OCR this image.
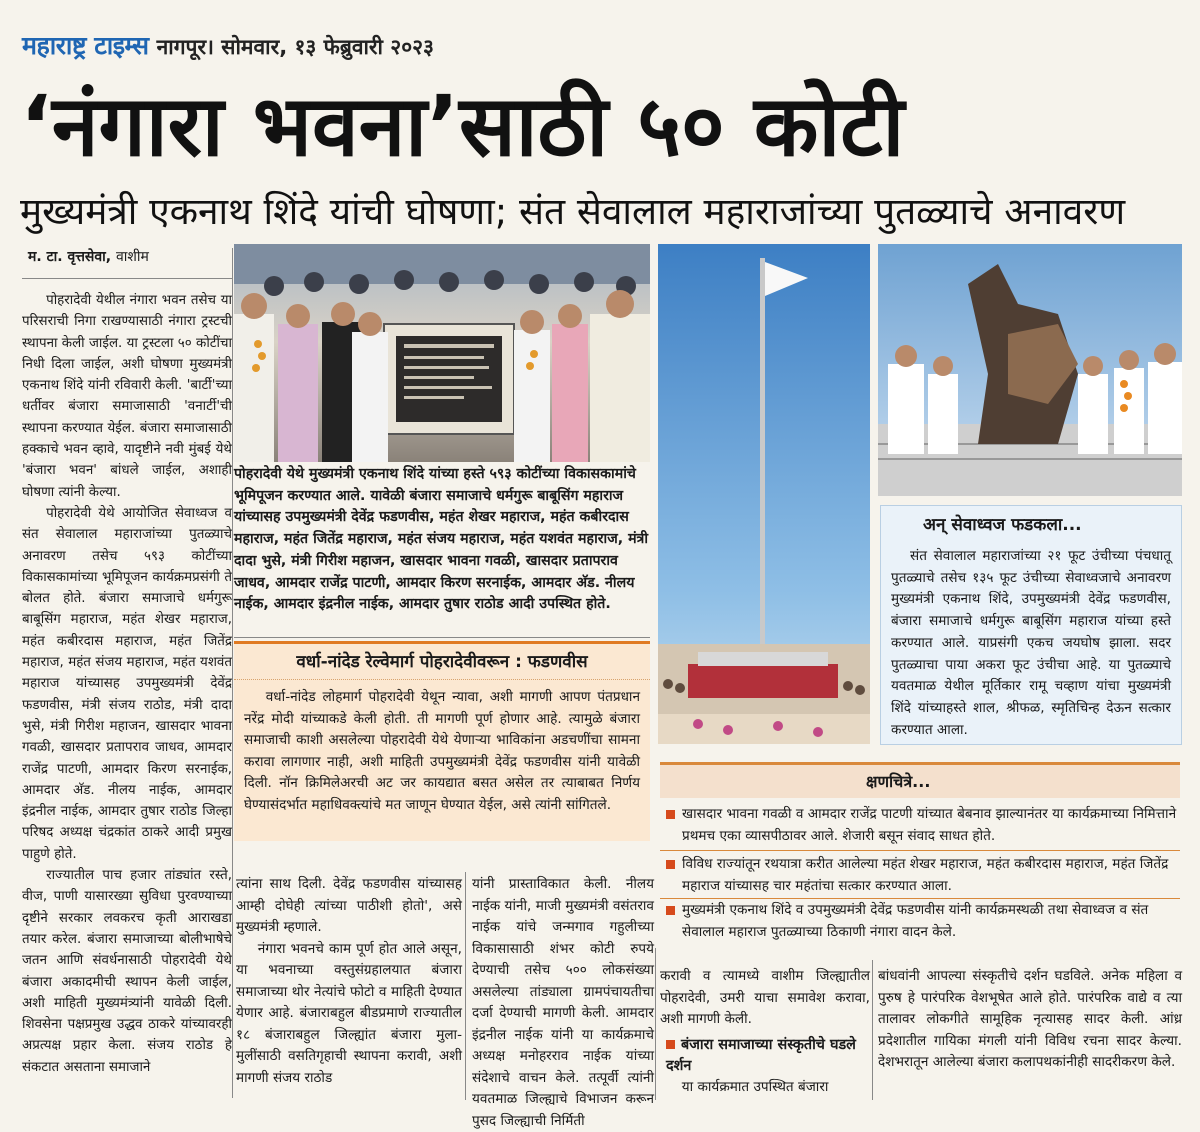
महाराष्ट्र टाइम्स नागपूर। सोमवार, १३ फेब्रुवारी २०२३
‘नंगारा भवना’साठी ५० कोटी
मुख्यमंत्री एकनाथ शिंदे यांची घोषणा; संत सेवालाल महाराजांच्या पुतळ्याचे अनावरण
म. टा. वृत्तसेवा, वाशीम

पोहरादेवी येथील नंगारा भवन तसेच या परिसराची निगा राखण्यासाठी नंगारा ट्रस्टची स्थापना केली जाईल. या ट्रस्टला ५० कोटींचा निधी दिला जाईल, अशी घोषणा मुख्यमंत्री एकनाथ शिंदे यांनी रविवारी केली. 'बार्टी'च्या धर्तीवर बंजारा समाजासाठी 'वनार्टी'ची स्थापना करण्यात येईल. बंजारा समाजासाठी हक्काचे भवन व्हावे, यादृष्टीने नवी मुंबई येथे 'बंजारा भवन' बांधले जाईल, अशाही घोषणा त्यांनी केल्या.

पोहरादेवी येथे आयोजित सेवाध्वज व संत सेवालाल महाराजांच्या पुतळ्याचे अनावरण तसेच ५९३ कोटींच्या विकासकामांच्या भूमिपूजन कार्यक्रमप्रसंगी ते बोलत होते. बंजारा समाजाचे धर्मगुरू बाबूसिंग महाराज, महंत शेखर महाराज, महंत कबीरदास महाराज, महंत जितेंद्र महाराज, महंत संजय महाराज, महंत यशवंत महाराज यांच्यासह उपमुख्यमंत्री देवेंद्र फडणवीस, मंत्री संजय राठोड, मंत्री दादा भुसे, मंत्री गिरीश महाजन, खासदार भावना गवळी, खासदार प्रतापराव जाधव, आमदार राजेंद्र पाटणी, आमदार किरण सरनाईक, आमदार अ‍ॅड. नीलय नाईक, आमदार इंद्रनील नाईक, आमदार तुषार राठोड जिल्हा परिषद अध्यक्ष चंद्रकांत ठाकरे आदी प्रमुख पाहुणे होते.

राज्यातील पाच हजार तांड्यांत रस्ते, वीज, पाणी यासारख्या सुविधा पुरवण्याच्या दृष्टीने सरकार लवकरच कृती आराखडा तयार करेल. बंजारा समाजाच्या बोलीभाषेचे जतन आणि संवर्धनासाठी पोहरादेवी येथे बंजारा अकादमीची स्थापन केली जाईल, अशी माहिती मुख्यमंत्र्यांनी यावेळी दिली. शिवसेना पक्षप्रमुख उद्धव ठाकरे यांच्यावरही अप्रत्यक्ष प्रहार केला. संजय राठोड हे संकटात असताना समाजाने

पोहरादेवी येथे मुख्यमंत्री एकनाथ शिंदे यांच्या हस्ते ५९३ कोटींच्या विकासकामांचे भूमिपूजन करण्यात आले. यावेळी बंजारा समाजाचे धर्मगुरू बाबूसिंग महाराज यांच्यासह उपमुख्यमंत्री देवेंद्र फडणवीस, महंत शेखर महाराज, महंत कबीरदास महाराज, महंत जितेंद्र महाराज, महंत संजय महाराज, महंत यशवंत महाराज, मंत्री दादा भुसे, मंत्री गिरीश महाजन, खासदार भावना गवळी, खासदार प्रतापराव जाधव, आमदार राजेंद्र पाटणी, आमदार किरण सरनाईक, आमदार अ‍ॅड. नीलय नाईक, आमदार इंद्रनील नाईक, आमदार तुषार राठोड आदी उपस्थित होते.
वर्धा-नांदेड रेल्वेमार्ग पोहरादेवीवरून : फडणवीस

वर्धा-नांदेड लोहमार्ग पोहरादेवी येथून न्यावा, अशी मागणी आपण पंतप्रधान नरेंद्र मोदी यांच्याकडे केली होती. ती मागणी पूर्ण होणार आहे. त्यामुळे बंजारा समाजाची काशी असलेल्या पोहरादेवी येथे येणाऱ्या भाविकांना अडचणींचा सामना करावा लागणार नाही, अशी माहिती उपमुख्यमंत्री देवेंद्र फडणवीस यांनी यावेळी दिली. नॉन क्रिमिलेअरची अट जर कायद्यात बसत असेल तर त्याबाबत निर्णय घेण्यासंदर्भात महाधिवक्त्यांचे मत जाणून घेण्यात येईल, असे त्यांनी सांगितले.

अन् सेवाध्वज फडकला...

संत सेवालाल महाराजांच्या २१ फूट उंचीच्या पंचधातू पुतळ्याचे तसेच १३५ फूट उंचीच्या सेवाध्वजाचे अनावरण मुख्यमंत्री एकनाथ शिंदे, उपमुख्यमंत्री देवेंद्र फडणवीस, बंजारा समाजाचे धर्मगुरू बाबूसिंग महाराज यांच्या हस्ते करण्यात आले. याप्रसंगी एकच जयघोष झाला. सदर पुतळ्याचा पाया अकरा फूट उंचीचा आहे. या पुतळ्याचे यवतमाळ येथील मूर्तिकार रामू चव्हाण यांचा मुख्यमंत्री शिंदे यांच्याहस्ते शाल, श्रीफळ, स्मृतिचिन्ह देऊन सत्कार करण्यात आला.

क्षणचित्रे...
खासदार भावना गवळी व आमदार राजेंद्र पाटणी यांच्यात बेबनाव झाल्यानंतर या कार्यक्रमाच्या निमित्ताने प्रथमच एका व्यासपीठावर आले. शेजारी बसून संवाद साधत होते.
विविध राज्यांतून रथयात्रा करीत आलेल्या महंत शेखर महाराज, महंत कबीरदास महाराज, महंत जितेंद्र महाराज यांच्यासह चार महंतांचा सत्कार करण्यात आला.
मुख्यमंत्री एकनाथ शिंदे व उपमुख्यमंत्री देवेंद्र फडणवीस यांनी कार्यक्रमस्थळी तथा सेवाध्वज व संत सेवालाल महाराज पुतळ्याच्या ठिकाणी नंगारा वादन केले.

त्यांना साथ दिली. देवेंद्र फडणवीस यांच्यासह आम्ही दोघेही त्यांच्या पाठीशी होतो', असे मुख्यमंत्री म्हणाले.

नंगारा भवनचे काम पूर्ण होत आले असून, या भवनाच्या वस्तुसंग्रहालयात बंजारा समाजाच्या थोर नेत्यांचे फोटो व माहिती देण्यात येणार आहे. बंजाराबहुल बीडप्रमाणे राज्यातील १८ बंजाराबहुल जिल्ह्यांत बंजारा मुला-मुलींसाठी वसतिगृहाची स्थापना करावी, अशी मागणी संजय राठोड

यांनी प्रास्ताविकात केली. नीलय नाईक यांनी, माजी मुख्यमंत्री वसंतराव नाईक यांचे जन्मगाव गहुलीच्या विकासासाठी शंभर कोटी रुपये देण्याची तसेच ५०० लोकसंख्या असलेल्या तांड्याला ग्रामपंचायतीचा दर्जा देण्याची मागणी केली. आमदार इंद्रनील नाईक यांनी या कार्यक्रमाचे अध्यक्ष मनोहरराव नाईक यांच्या संदेशाचे वाचन केले. तत्पूर्वी त्यांनी यवतमाळ जिल्ह्याचे विभाजन करून पुसद जिल्ह्याची निर्मिती

करावी व त्यामध्ये वाशीम जिल्ह्यातील पोहरादेवी, उमरी याचा समावेश करावा, अशी मागणी केली.

बंजारा समाजाच्या संस्कृतीचे घडले दर्शन

या कार्यक्रमात उपस्थित बंजारा

बांधवांनी आपल्या संस्कृतीचे दर्शन घडविले. अनेक महिला व पुरुष हे पारंपरिक वेशभूषेत आले होते. पारंपरिक वाद्ये व त्या तालावर लोकगीते सामूहिक नृत्यासह सादर केली. आंध्र प्रदेशातील गायिका मंगली यांनी विविध रचना सादर केल्या. देशभरातून आलेल्या बंजारा कलापथकांनीही सादरीकरण केले.
